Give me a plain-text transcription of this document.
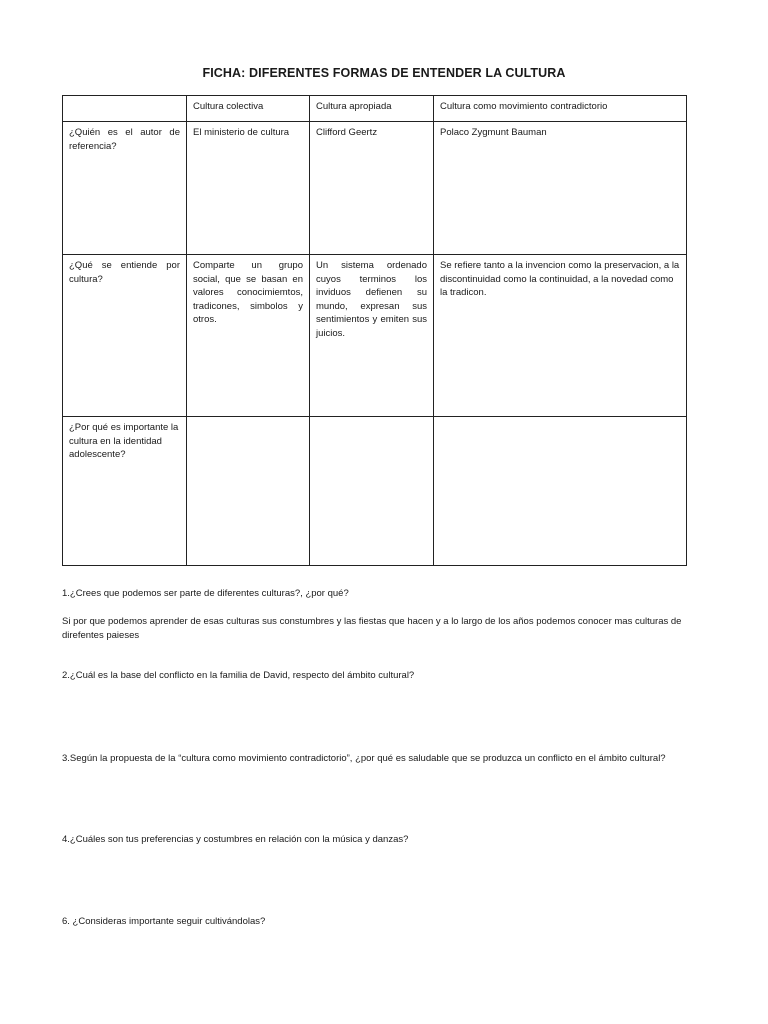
FICHA: DIFERENTES FORMAS DE ENTENDER LA CULTURA
	Cultura colectiva	Cultura apropiada	Cultura como movimiento contradictorio
¿Quién es el autor de referencia?	El ministerio de cultura	Clifford Geertz	Polaco Zygmunt Bauman
¿Qué se entiende por cultura?	Comparte un grupo social, que se basan en valores conocimiemtos, tradicones, simbolos y otros.	Un sistema ordenado cuyos terminos los inviduos defienen su mundo, expresan sus sentimientos y emiten sus juicios.	Se refiere tanto a la invencion como la preservacion, a la discontinuidad como la continuidad, a la novedad como la tradicon.
¿Por qué es importante la cultura en la identidad adolescente?			
1.¿Crees que podemos ser parte de diferentes culturas?, ¿por qué?
Si por que podemos aprender de esas culturas sus constumbres y las fiestas que hacen y a lo largo de los años podemos conocer mas culturas de direfentes paieses
2.¿Cuál es la base del conflicto en la familia de David, respecto del ámbito cultural?
3.Según la propuesta de la “cultura como movimiento contradictorio”, ¿por qué es saludable que se produzca un conflicto en el ámbito cultural?
4.¿Cuáles son tus preferencias y costumbres en relación con la música y danzas?
6. ¿Consideras importante seguir cultivándolas?
